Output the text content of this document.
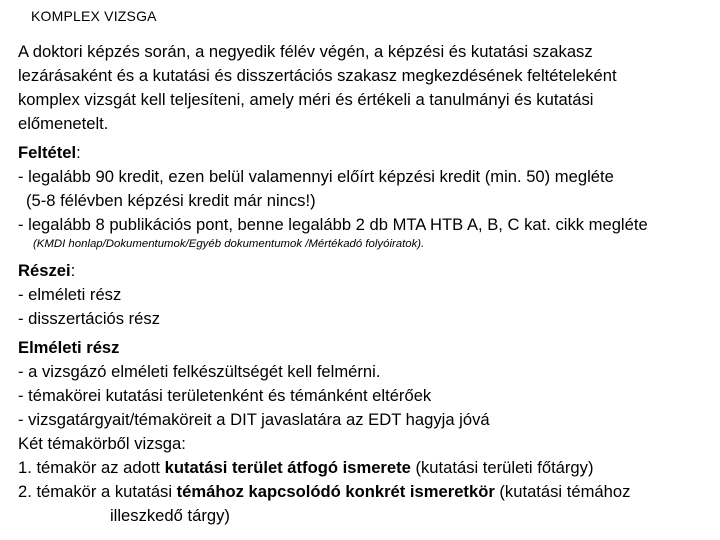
KOMPLEX VIZSGA
A doktori képzés során, a negyedik félév végén, a képzési és kutatási szakasz
lezárásaként és a kutatási és disszertációs szakasz megkezdésének feltételeként
komplex vizsgát kell teljesíteni, amely méri és értékeli a tanulmányi és kutatási
előmenetelt.
Feltétel:
- legalább 90 kredit, ezen belül valamennyi előírt képzési kredit (min. 50) megléte
(5-8 félévben képzési kredit már nincs!)
- legalább 8 publikációs pont, benne legalább 2 db MTA HTB A, B, C kat. cikk megléte
(KMDI honlap/Dokumentumok/Egyéb dokumentumok /Mértékadó folyóiratok).
Részei:
- elméleti rész
- disszertációs rész
Elméleti rész
- a vizsgázó elméleti felkészültségét kell felmérni.
- témakörei kutatási területenként és témánként eltérőek
- vizsgatárgyait/témaköreit a DIT javaslatára az EDT hagyja jóvá
Két témakörből vizsga:
1. témakör az adott kutatási terület átfogó ismerete (kutatási területi főtárgy)
2. témakör a kutatási témához kapcsolódó konkrét ismeretkör (kutatási témához
illeszkedő tárgy)
